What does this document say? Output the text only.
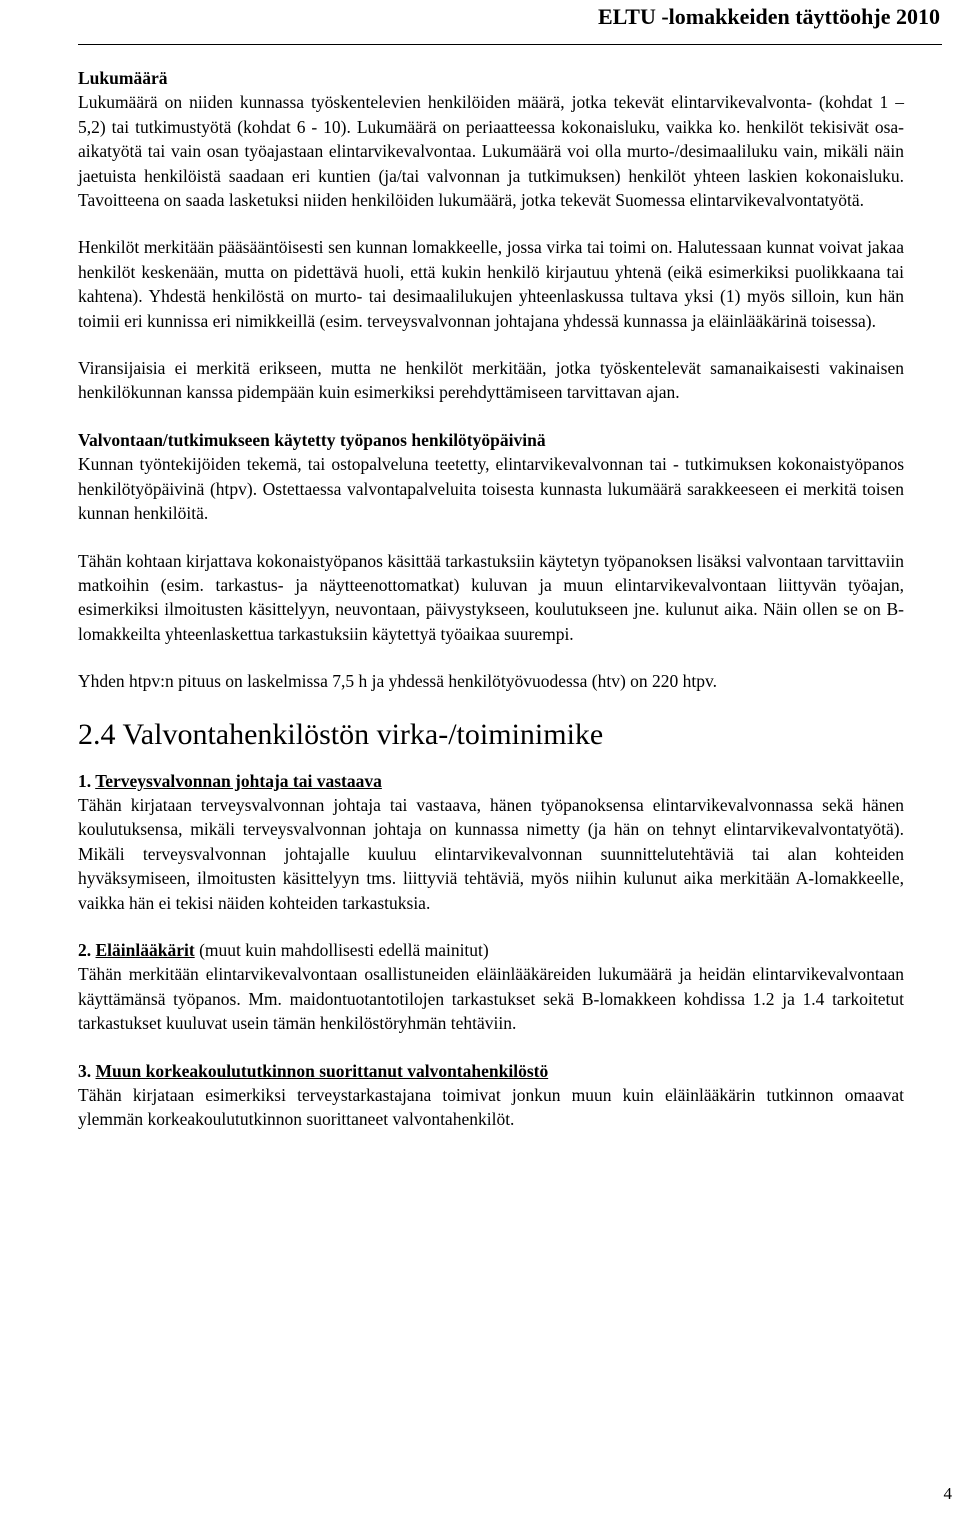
ELTU -lomakkeiden täyttöohje 2010
Lukumäärä

Lukumäärä on niiden kunnassa työskentelevien henkilöiden määrä, jotka tekevät elintarvikevalvonta- (kohdat 1 – 5,2) tai tutkimustyötä (kohdat 6 - 10). Lukumäärä on periaatteessa kokonaisluku, vaikka ko. henkilöt tekisivät osa-aikatyötä tai vain osan työajastaan elintarvikevalvontaa. Lukumäärä voi olla murto-/desimaaliluku vain, mikäli näin jaetuista henkilöistä saadaan eri kuntien (ja/tai valvonnan ja tutkimuksen) henkilöt yhteen laskien kokonaisluku. Tavoitteena on saada lasketuksi niiden henkilöiden lukumäärä, jotka tekevät Suomessa elintarvikevalvontatyötä.

Henkilöt merkitään pääsääntöisesti sen kunnan lomakkeelle, jossa virka tai toimi on. Halutessaan kunnat voivat jakaa henkilöt keskenään, mutta on pidettävä huoli, että kukin henkilö kirjautuu yhtenä (eikä esimerkiksi puolikkaana tai kahtena). Yhdestä henkilöstä on murto- tai desimaalilukujen yhteenlaskussa tultava yksi (1) myös silloin, kun hän toimii eri kunnissa eri nimikkeillä (esim. terveysvalvonnan johtajana yhdessä kunnassa ja eläinlääkärinä toisessa).

Viransijaisia ei merkitä erikseen, mutta ne henkilöt merkitään, jotka työskentelevät samanaikaisesti vakinaisen henkilökunnan kanssa pidempään kuin esimerkiksi perehdyttämiseen tarvittavan ajan.

Valvontaan/tutkimukseen käytetty työpanos henkilötyöpäivinä

Kunnan työntekijöiden tekemä, tai ostopalveluna teetetty, elintarvikevalvonnan tai - tutkimuksen kokonaistyöpanos henkilötyöpäivinä (htpv). Ostettaessa valvontapalveluita toisesta kunnasta lukumäärä sarakkeeseen ei merkitä toisen kunnan henkilöitä.

Tähän kohtaan kirjattava kokonaistyöpanos käsittää tarkastuksiin käytetyn työpanoksen lisäksi valvontaan tarvittaviin matkoihin (esim. tarkastus- ja näytteenottomatkat) kuluvan ja muun elintarvikevalvontaan liittyvän työajan, esimerkiksi ilmoitusten käsittelyyn, neuvontaan, päivystykseen, koulutukseen jne. kulunut aika. Näin ollen se on B-lomakkeilta yhteenlaskettua tarkastuksiin käytettyä työaikaa suurempi.

Yhden htpv:n pituus on laskelmissa 7,5 h ja yhdessä henkilötyövuodessa (htv) on 220 htpv.

2.4 Valvontahenkilöstön virka-/toiminimike
1. Terveysvalvonnan johtaja tai vastaava

Tähän kirjataan terveysvalvonnan johtaja tai vastaava, hänen työpanoksensa elintarvikevalvonnassa sekä hänen koulutuksensa, mikäli terveysvalvonnan johtaja on kunnassa nimetty (ja hän on tehnyt elintarvikevalvontatyötä). Mikäli terveysvalvonnan johtajalle kuuluu elintarvikevalvonnan suunnittelutehtäviä tai alan kohteiden hyväksymiseen, ilmoitusten käsittelyyn tms. liittyviä tehtäviä, myös niihin kulunut aika merkitään A-lomakkeelle, vaikka hän ei tekisi näiden kohteiden tarkastuksia.

2. Eläinlääkärit (muut kuin mahdollisesti edellä mainitut)

Tähän merkitään elintarvikevalvontaan osallistuneiden eläinlääkäreiden lukumäärä ja heidän elintarvikevalvontaan käyttämänsä työpanos. Mm. maidontuotantotilojen tarkastukset sekä B-lomakkeen kohdissa 1.2 ja 1.4 tarkoitetut tarkastukset kuuluvat usein tämän henkilöstöryhmän tehtäviin.

3. Muun korkeakoulututkinnon suorittanut valvontahenkilöstö

Tähän kirjataan esimerkiksi terveystarkastajana toimivat jonkun muun kuin eläinlääkärin tutkinnon omaavat ylemmän korkeakoulututkinnon suorittaneet valvontahenkilöt.

4
